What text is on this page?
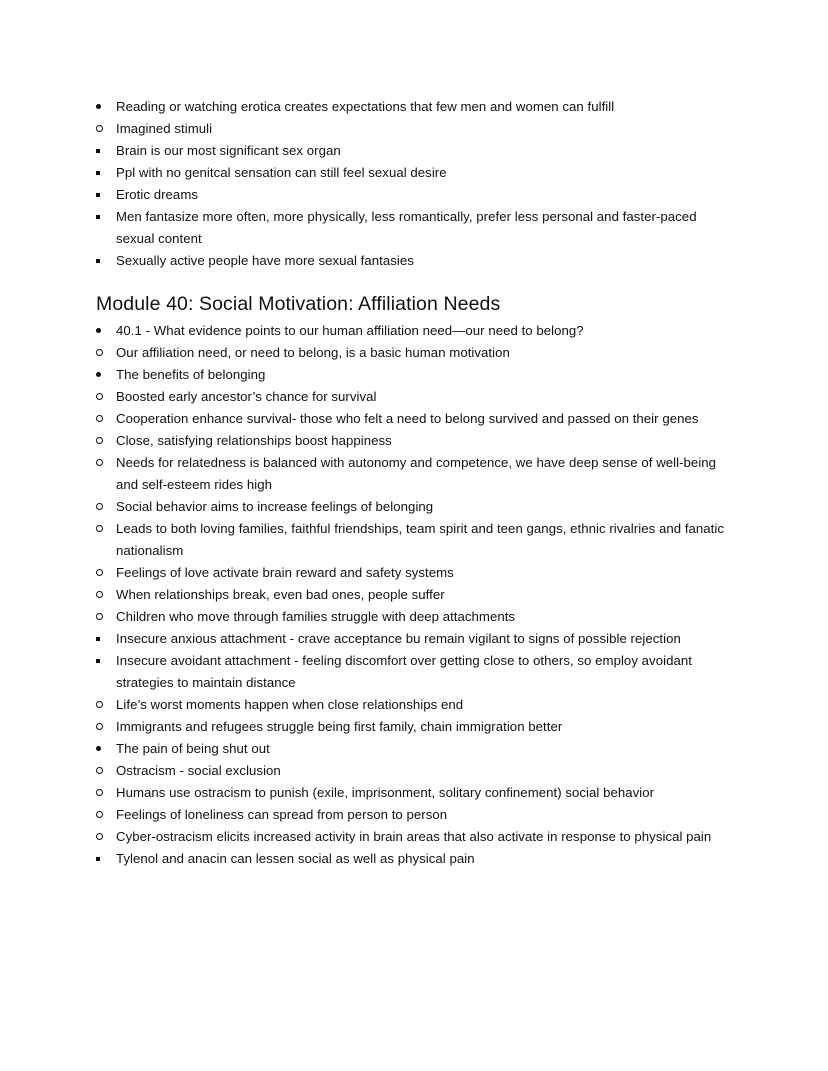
Reading or watching erotica creates expectations that few men and women can fulfill
Imagined stimuli
Brain is our most significant sex organ
Ppl with no genitcal sensation can still feel sexual desire
Erotic dreams
Men fantasize more often, more physically, less romantically, prefer less personal and faster-paced sexual content
Sexually active people have more sexual fantasies
Module 40: Social Motivation: Affiliation Needs
40.1 - What evidence points to our human affiliation need—our need to belong?
Our affiliation need, or need to belong, is a basic human motivation
The benefits of belonging
Boosted early ancestor’s chance for survival
Cooperation enhance survival- those who felt a need to belong survived and passed on their genes
Close, satisfying relationships boost happiness
Needs for relatedness is balanced with autonomy and competence, we have deep sense of well-being and self-esteem rides high
Social behavior aims to increase feelings of belonging
Leads to both loving families, faithful friendships, team spirit and teen gangs, ethnic rivalries and fanatic nationalism
Feelings of love activate brain reward and safety systems
When relationships break, even bad ones, people suffer
Children who move through families struggle with deep attachments
Insecure anxious attachment - crave acceptance bu remain vigilant to signs of possible rejection
Insecure avoidant attachment - feeling discomfort over getting close to others, so employ avoidant strategies to maintain distance
Life’s worst moments happen when close relationships end
Immigrants and refugees struggle being first family, chain immigration better
The pain of being shut out
Ostracism - social exclusion
Humans use ostracism to punish (exile, imprisonment, solitary confinement) social behavior
Feelings of loneliness can spread from person to person
Cyber-ostracism elicits increased activity in brain areas that also activate in response to physical pain
Tylenol and anacin can lessen social as well as physical pain
